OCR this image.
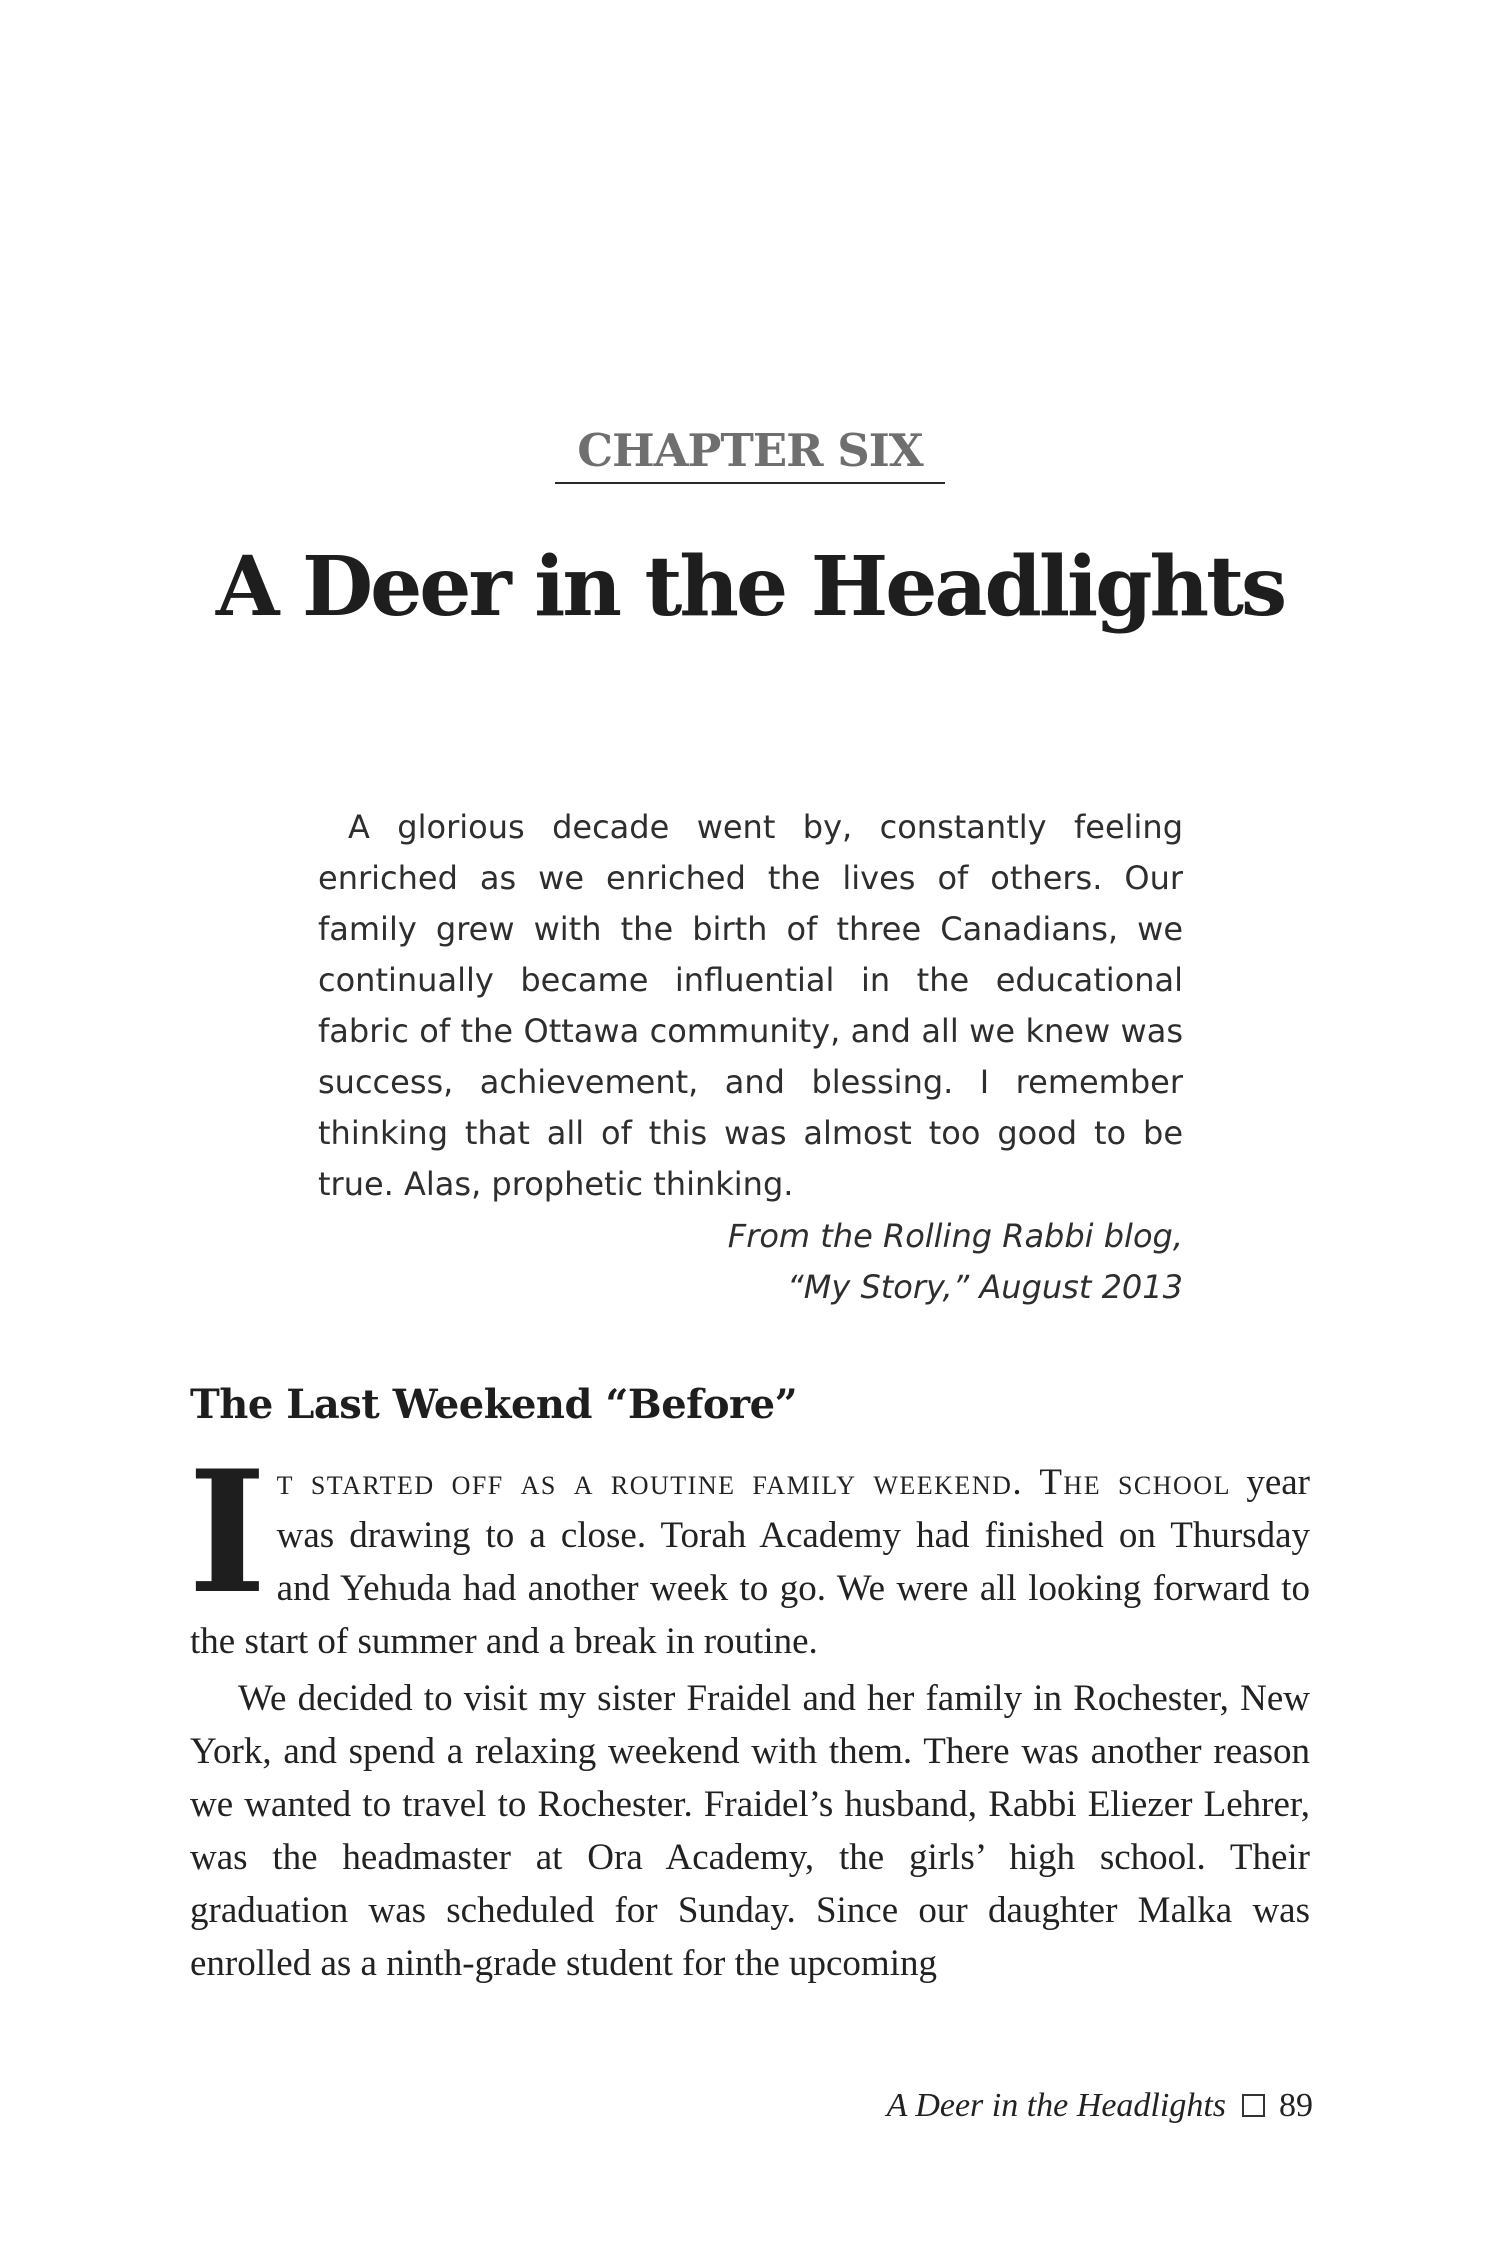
CHAPTER SIX
A Deer in the Headlights

A glorious decade went by, constantly feeling enriched as we enriched the lives of others. Our family grew with the birth of three Canadians, we continually became influential in the educational fabric of the Ottawa community, and all we knew was success, achievement, and blessing. I remember thinking that all of this was almost too good to be true. Alas, prophetic thinking.

From the Rolling Rabbi blog,
“My Story,” August 2013
The Last Weekend “Before”

It started off as a routine family weekend. The school year was drawing to a close. Torah Academy had finished on Thursday and Yehuda had another week to go. We were all looking forward to the start of summer and a break in routine.

We decided to visit my sister Fraidel and her family in Rochester, New York, and spend a relaxing weekend with them. There was another reason we wanted to travel to Rochester. Fraidel’s husband, Rabbi Eliezer Lehrer, was the headmaster at Ora Academy, the girls’ high school. Their graduation was scheduled for Sunday. Since our daughter Malka was enrolled as a ninth-grade student for the upcoming

A Deer in the Headlights 89
